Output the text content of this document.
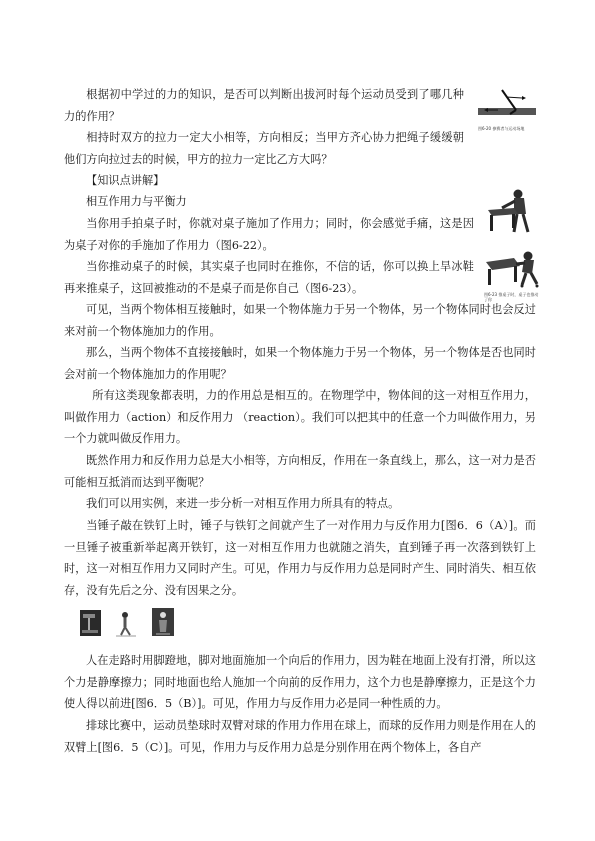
根据初中学过的力的知识，是否可以判断出拔河时每个运动员受到了哪几种力的作用？

相持时双方的拉力一定大小相等，方向相反；当甲方齐心协力把绳子缓缓朝他们方向拉过去的时候，甲方的拉力一定比乙方大吗？

【知识点讲解】

相互作用力与平衡力

当你用手拍桌子时，你就对桌子施加了作用力；同时，你会感觉手痛，这是因为桌子对你的手施加了作用力（图6-22）。

当你推动桌子的时候，其实桌子也同时在推你，不信的话，你可以换上旱冰鞋再来推桌子，这回被推动的不是桌子而是你自己（图6-23）。

可见，当两个物体相互接触时，如果一个物体施力于另一个物体，另一个物体同时也会反过来对前一个物体施加力的作用。

那么，当两个物体不直接接触时，如果一个物体施力于另一个物体，另一个物体是否也同时会对前一个物体施加力的作用呢？

所有这类现象都表明，力的作用总是相互的。在物理学中，物体间的这一对相互作用力，叫做作用力（action）和反作用力 （reaction）。我们可以把其中的任意一个力叫做作用力，另一个力就叫做反作用力。

既然作用力和反作用力总是大小相等，方向相反，作用在一条直线上，那么，这一对力是否可能相互抵消而达到平衡呢？

我们可以用实例，来进一步分析一对相互作用力所具有的特点。

当锤子敲在铁钉上时，锤子与铁钉之间就产生了一对作用力与反作用力[图6．6（A）]。而一旦锤子被重新举起离开铁钉，这一对相互作用力也就随之消失，直到锤子再一次落到铁钉上时，这一对相互作用力又同时产生。可见，作用力与反作用力总是同时产生、同时消失、相互依存，没有先后之分、没有因果之分。

人在走路时用脚蹬地，脚对地面施加一个向后的作用力，因为鞋在地面上没有打滑，所以这个力是静摩擦力；同时地面也给人施加一个向前的反作用力，这个力也是静摩擦力，正是这个力使人得以前进[图6．5（B）]。可见，作用力与反作用力必是同一种性质的力。

排球比赛中，运动员垫球时双臂对球的作用力作用在球上，而球的反作用力则是作用在人的双臂上[图6．5（C）]。可见，作用力与反作用力总是分别作用在两个物体上，各自产

图6-20 参赛者与运动场地
图6-23 推桌子时，桌子也推动了你
